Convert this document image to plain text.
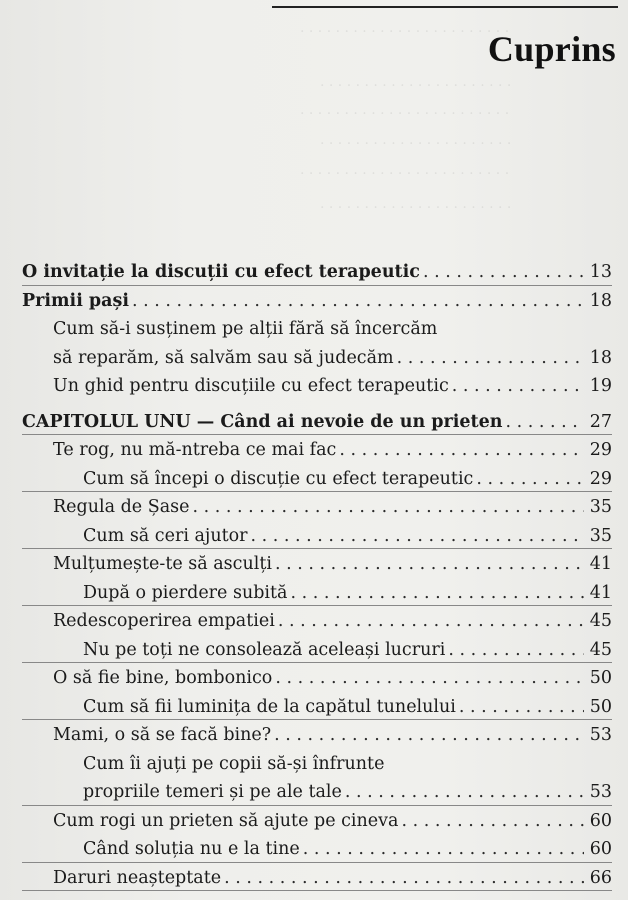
. . . . . . . . . . . . . . . . . . . . . . . .
. . . . . . . . . . . . . . . . . . . . . .
. . . . . . . . . . . . . . . . . . . . . . . .
. . . . . . . . . . . . . . . . . . . . . .
. . . . . . . . . . . . . . . . . . . . . . . .
. . . . . . . . . . . . . . . . . . . . . .
Cuprins
O invitație la discuții cu efect terapeutic . . .	13
Primii pași . . .	18
Cum să-i susținem pe alții fără să încercăm
să reparăm, să salvăm sau să judecăm . . .	18
Un ghid pentru discuțiile cu efect terapeutic . . .	19
CAPITOLUL UNU — Când ai nevoie de un prieten . . .	27
Te rog, nu mă-ntreba ce mai fac . . .	29
Cum să începi o discuție cu efect terapeutic . . .	29
Regula de Șase . . .	35
Cum să ceri ajutor . . .	35
Mulțumește-te să asculți . . .	41
După o pierdere subită . . .	41
Redescoperirea empatiei . . .	45
Nu pe toți ne consolează aceleași lucruri . . .	45
O să fie bine, bombonico . . .	50
Cum să fii luminița de la capătul tunelului . . .	50
Mami, o să se facă bine? . . .	53
Cum îi ajuți pe copii să-și înfrunte
propriile temeri și pe ale tale . . .	53
Cum rogi un prieten să ajute pe cineva . . .	60
Când soluția nu e la tine . . .	60
Daruri neașteptate . . .	66
